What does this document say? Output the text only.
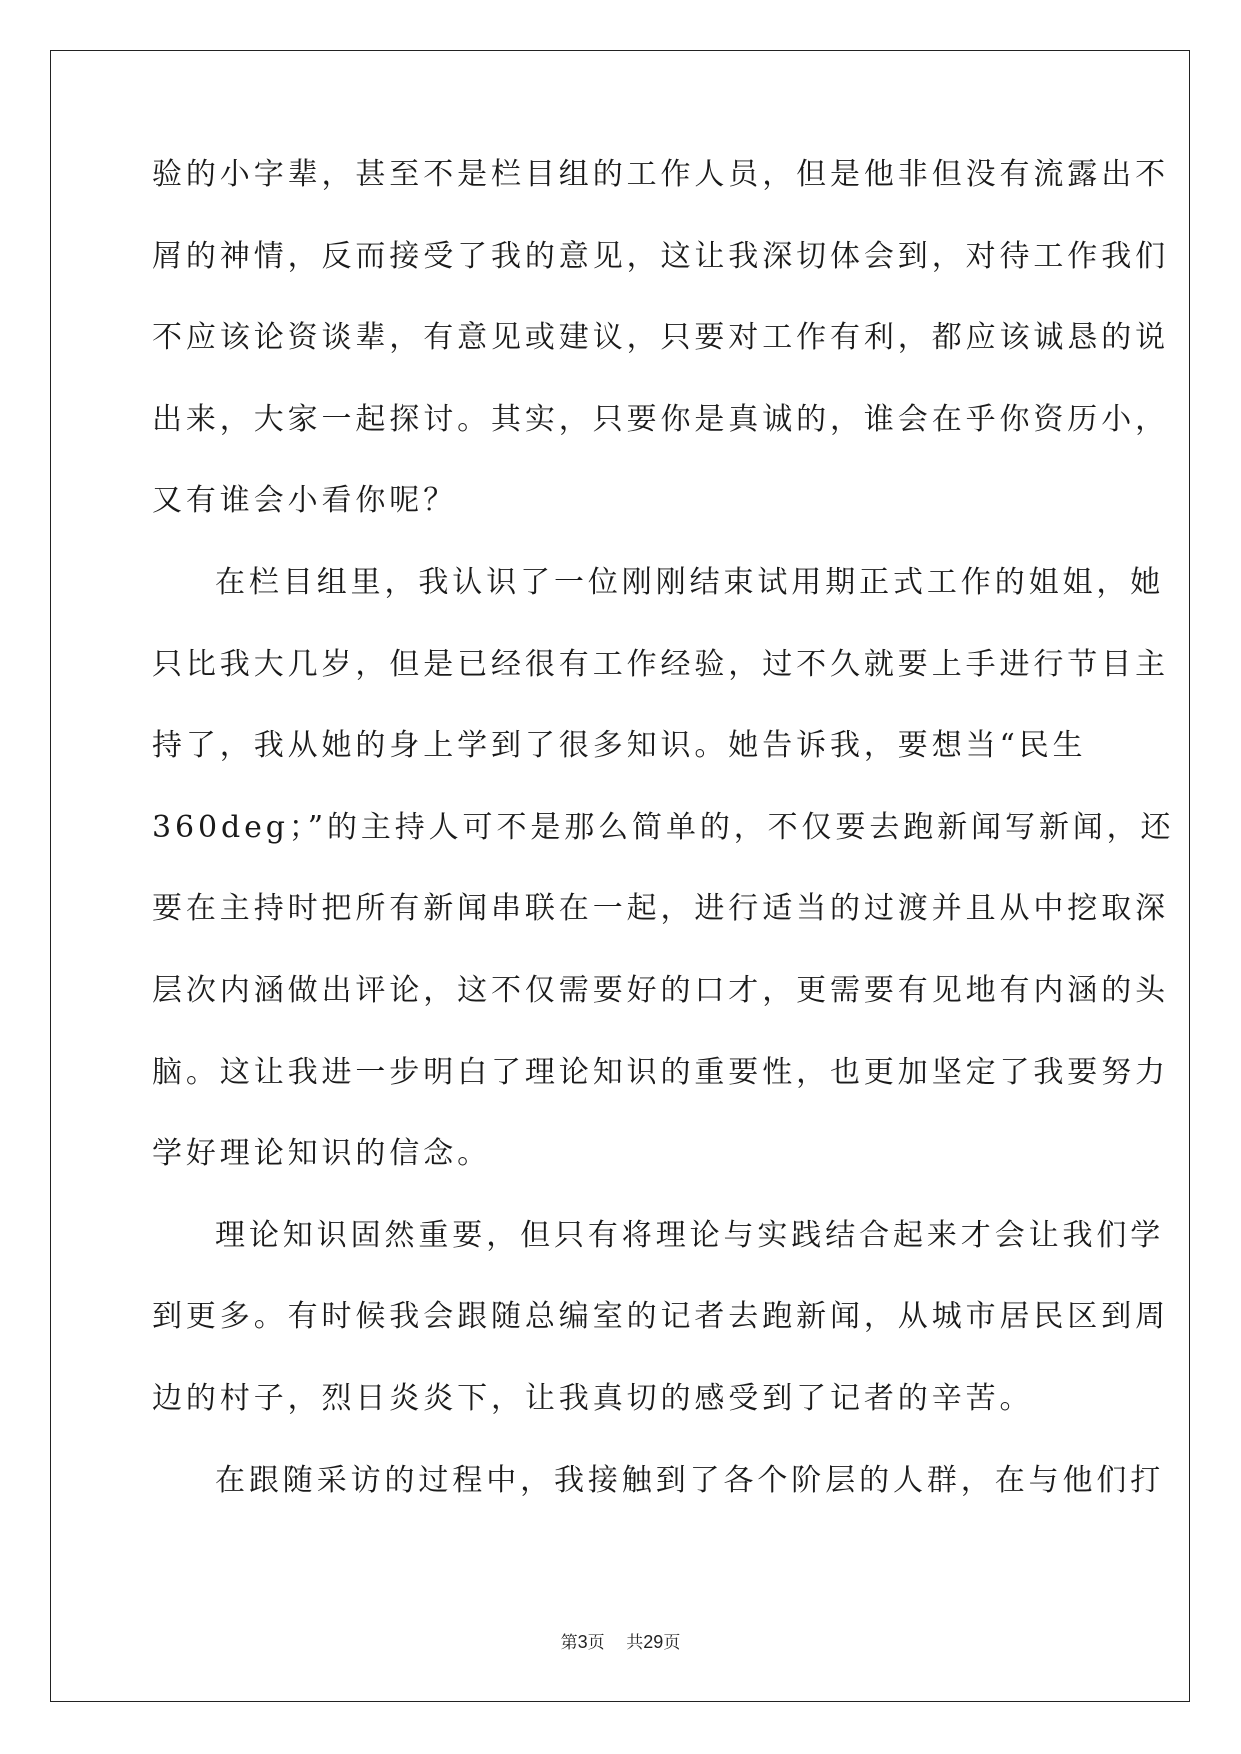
验的小字辈，甚至不是栏目组的工作人员，但是他非但没有流露出不
屑的神情，反而接受了我的意见，这让我深切体会到，对待工作我们
不应该论资谈辈，有意见或建议，只要对工作有利，都应该诚恳的说
出来，大家一起探讨。其实，只要你是真诚的，谁会在乎你资历小，
又有谁会小看你呢？
在栏目组里，我认识了一位刚刚结束试用期正式工作的姐姐，她
只比我大几岁，但是已经很有工作经验，过不久就要上手进行节目主
持了，我从她的身上学到了很多知识。她告诉我，要想当“民生
360deg；”的主持人可不是那么简单的，不仅要去跑新闻写新闻，还
要在主持时把所有新闻串联在一起，进行适当的过渡并且从中挖取深
层次内涵做出评论，这不仅需要好的口才，更需要有见地有内涵的头
脑。这让我进一步明白了理论知识的重要性，也更加坚定了我要努力
学好理论知识的信念。
理论知识固然重要，但只有将理论与实践结合起来才会让我们学
到更多。有时候我会跟随总编室的记者去跑新闻，从城市居民区到周
边的村子，烈日炎炎下，让我真切的感受到了记者的辛苦。
在跟随采访的过程中，我接触到了各个阶层的人群，在与他们打
第3页 共29页
